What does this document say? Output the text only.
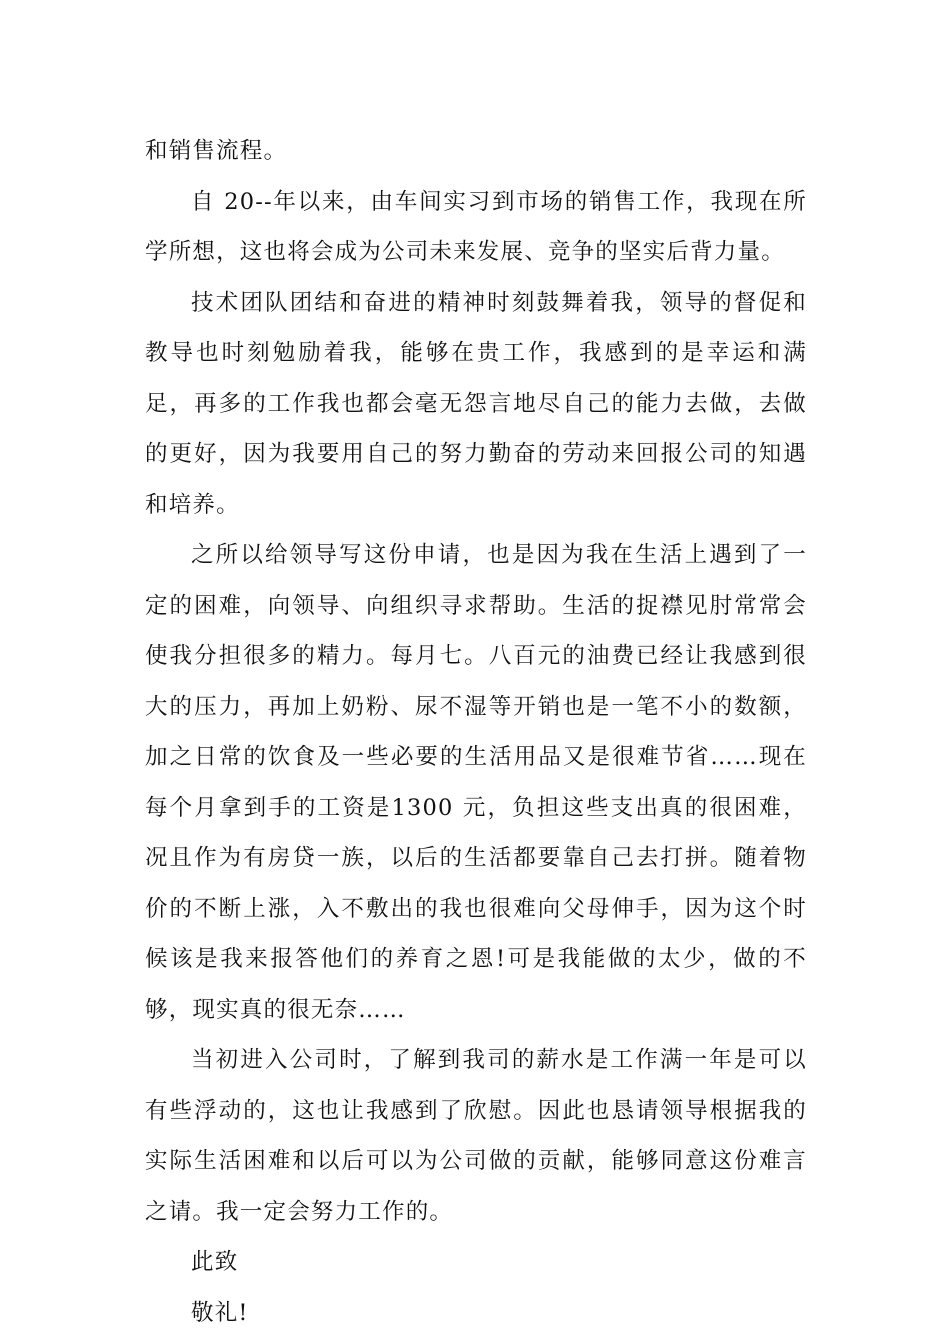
和销售流程。

自 20--年以来，由车间实习到市场的销售工作，我现在所学所想，这也将会成为公司未来发展、竞争的坚实后背力量。

技术团队团结和奋进的精神时刻鼓舞着我，领导的督促和教导也时刻勉励着我，能够在贵工作，我感到的是幸运和满足，再多的工作我也都会毫无怨言地尽自己的能力去做，去做的更好，因为我要用自己的努力勤奋的劳动来回报公司的知遇和培养。

之所以给领导写这份申请，也是因为我在生活上遇到了一定的困难，向领导、向组织寻求帮助。生活的捉襟见肘常常会使我分担很多的精力。每月七。八百元的油费已经让我感到很大的压力，再加上奶粉、尿不湿等开销也是一笔不小的数额，加之日常的饮食及一些必要的生活用品又是很难节省……现在每个月拿到手的工资是1300 元，负担这些支出真的很困难，况且作为有房贷一族，以后的生活都要靠自己去打拼。随着物价的不断上涨，入不敷出的我也很难向父母伸手，因为这个时候该是我来报答他们的养育之恩!可是我能做的太少，做的不够，现实真的很无奈……

当初进入公司时，了解到我司的薪水是工作满一年是可以有些浮动的，这也让我感到了欣慰。因此也恳请领导根据我的实际生活困难和以后可以为公司做的贡献，能够同意这份难言之请。我一定会努力工作的。

此致

敬礼!
